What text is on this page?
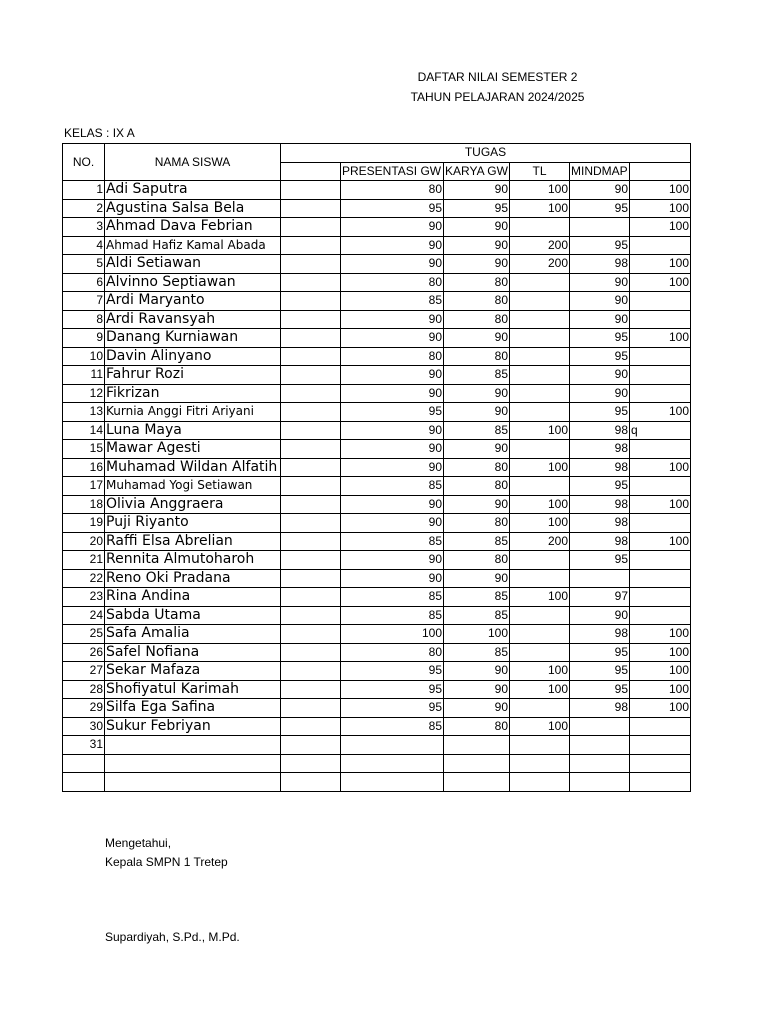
DAFTAR NILAI SEMESTER 2
TAHUN PELAJARAN 2024/2025
KELAS : IX A
NO.	NAMA SISWA	TUGAS					
			PRESENTASI GW	KARYA GW	TL	MINDMAP	
1	Adi Saputra		80	90	100	90	100
2	Agustina Salsa Bela		95	95	100	95	100
3	Ahmad Dava Febrian		90	90			100
4	Ahmad Hafiz Kamal Abada		90	90	200	95	
5	Aldi Setiawan		90	90	200	98	100
6	Alvinno Septiawan		80	80		90	100
7	Ardi Maryanto		85	80		90	
8	Ardi Ravansyah		90	80		90	
9	Danang Kurniawan		90	90		95	100
10	Davin Alinyano		80	80		95	
11	Fahrur Rozi		90	85		90	
12	Fikrizan		90	90		90	
13	Kurnia Anggi Fitri Ariyani		95	90		95	100
14	Luna Maya		90	85	100	98	q
15	Mawar Agesti		90	90		98	
16	Muhamad Wildan Alfatih		90	80	100	98	100
17	Muhamad Yogi Setiawan		85	80		95	
18	Olivia Anggraera		90	90	100	98	100
19	Puji Riyanto		90	80	100	98	
20	Raffi Elsa Abrelian		85	85	200	98	100
21	Rennita Almutoharoh		90	80		95	
22	Reno Oki Pradana		90	90			
23	Rina Andina		85	85	100	97	
24	Sabda Utama		85	85		90	
25	Safa Amalia		100	100		98	100
26	Safel Nofiana		80	85		95	100
27	Sekar Mafaza		95	90	100	95	100
28	Shofiyatul Karimah		95	90	100	95	100
29	Silfa Ega Safina		95	90		98	100
30	Sukur Febriyan		85	80	100		
31							

Mengetahui,
Kepala SMPN 1 Tretep
Supardiyah, S.Pd., M.Pd.
